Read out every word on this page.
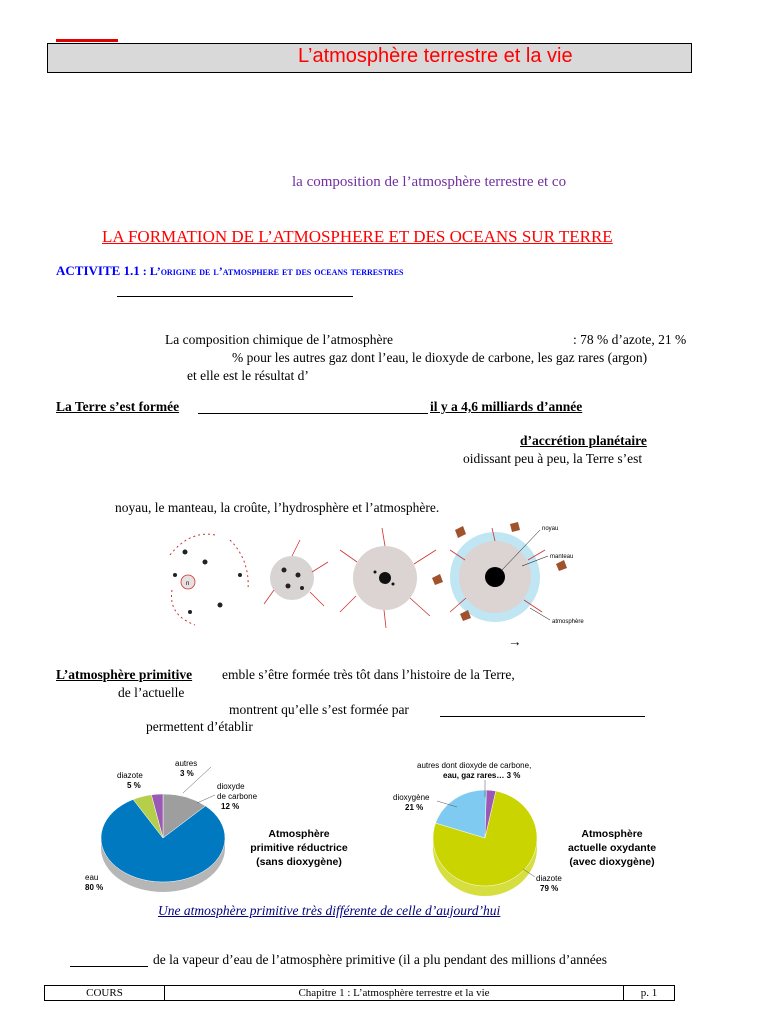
L’atmosphère terrestre et la vie
la composition de l’atmosphère terrestre et co
LA FORMATION DE L’ATMOSPHERE ET DES OCEANS SUR TERRE
ACTIVITE 1.1 : L’origine de l’atmosphere et des oceans terrestres
La composition chimique de l’atmosphère	: 78 % d’azote, 21 %
% pour les autres gaz dont l’eau, le dioxyde de carbone, les gaz rares (argon)
et elle est le résultat d’
La Terre s’est formée	il y a 4,6 milliards d’année
d’accrétion planétaire
oidissant peu à peu, la Terre s’est
noyau, le manteau, la croûte, l’hydrosphère et l’atmosphère.
n
noyau
manteau
atmosphère
→
L’atmosphère primitive emble s’être formée très tôt dans l’histoire de la Terre,
de l’actuelle
montrent qu’elle s’est formée par
permettent d’établir
eau
80 %
diazote
5 %
autres
3 %
dioxyde
de carbone
12 %
Atmosphère
primitive réductrice
(sans dioxygène)
autres dont dioxyde de carbone,
eau, gaz rares… 3 %
dioxygène
21 %
diazote
79 %
Atmosphère
actuelle oxydante
(avec dioxygène)
Une atmosphère primitive très différente de celle d’aujourd’hui
de la vapeur d’eau de l’atmosphère primitive (il a plu pendant des millions d’années
COURS	Chapitre 1 : L’atmosphère terrestre et la vie	p. 1
